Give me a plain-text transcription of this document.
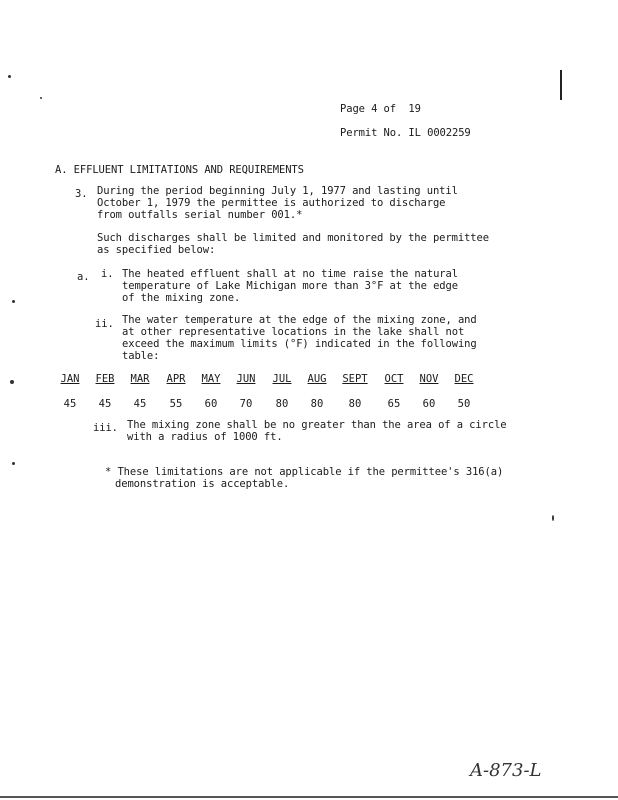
Page 4 of  19
Permit No. IL 0002259
A. EFFLUENT LIMITATIONS AND REQUIREMENTS
3. During the period beginning July 1, 1977 and lasting until
October 1, 1979 the permittee is authorized to discharge
from outfalls serial number 001.*
Such discharges shall be limited and monitored by the permittee
as specified below:
a. i. The heated effluent shall at no time raise the natural
temperature of Lake Michigan more than 3°F at the edge
of the mixing zone.
ii. The water temperature at the edge of the mixing zone, and
at other representative locations in the lake shall not
exceed the maximum limits (°F) indicated in the following
table:
JAN	FEB	MAR	APR	MAY	JUN	JUL	AUG	SEPT	OCT	NOV	DEC
45	45	45	55	60	70	80	80	80	65	60	50
iii. The mixing zone shall be no greater than the area of a circle
with a radius of 1000 ft.
* These limitations are not applicable if the permittee's 316(a)
demonstration is acceptable.
A-873-L
